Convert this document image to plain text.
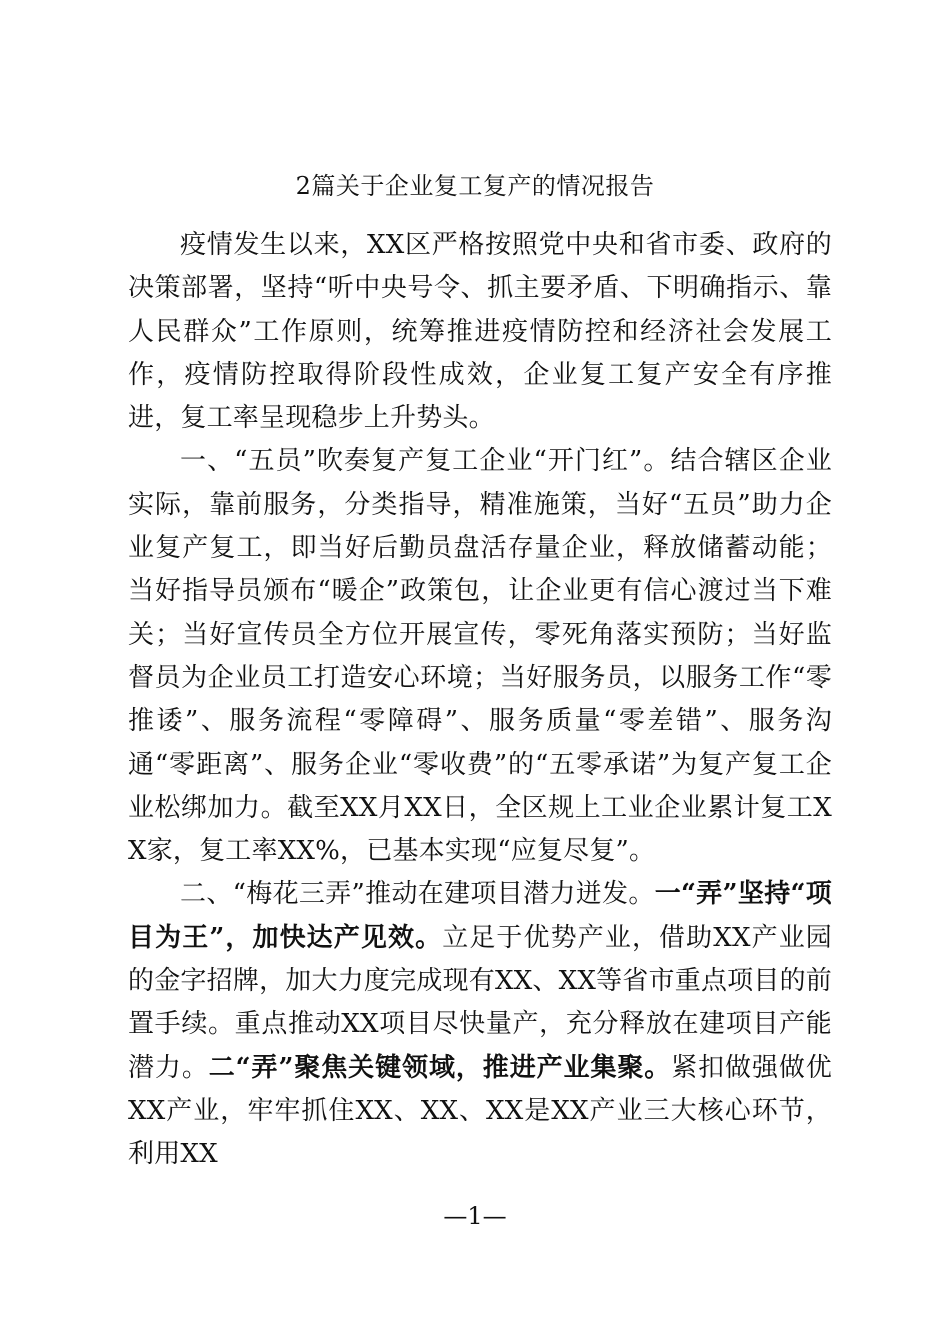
2篇关于企业复工复产的情况报告

疫情发生以来，XX区严格按照党中央和省市委、政府的决策部署，坚持“听中央号令、抓主要矛盾、下明确指示、靠人民群众”工作原则，统筹推进疫情防控和经济社会发展工作，疫情防控取得阶段性成效，企业复工复产安全有序推进，复工率呈现稳步上升势头。

一、“五员”吹奏复产复工企业“开门红”。结合辖区企业实际，靠前服务，分类指导，精准施策，当好“五员”助力企业复产复工，即当好后勤员盘活存量企业，释放储蓄动能；当好指导员颁布“暖企”政策包，让企业更有信心渡过当下难关；当好宣传员全方位开展宣传，零死角落实预防；当好监督员为企业员工打造安心环境；当好服务员，以服务工作“零推诿”、服务流程“零障碍”、服务质量“零差错”、服务沟通“零距离”、服务企业“零收费”的“五零承诺”为复产复工企业松绑加力。截至XX月XX日，全区规上工业企业累计复工XX家，复工率XX%，已基本实现“应复尽复”。

二、“梅花三弄”推动在建项目潜力迸发。一“弄”坚持“项目为王”，加快达产见效。立足于优势产业，借助XX产业园的金字招牌，加大力度完成现有XX、XX等省市重点项目的前置手续。重点推动XX项目尽快量产，充分释放在建项目产能潜力。二“弄”聚焦关键领域，推进产业集聚。紧扣做强做优XX产业，牢牢抓住XX、XX、XX是XX产业三大核心环节，利用XX

—1—
